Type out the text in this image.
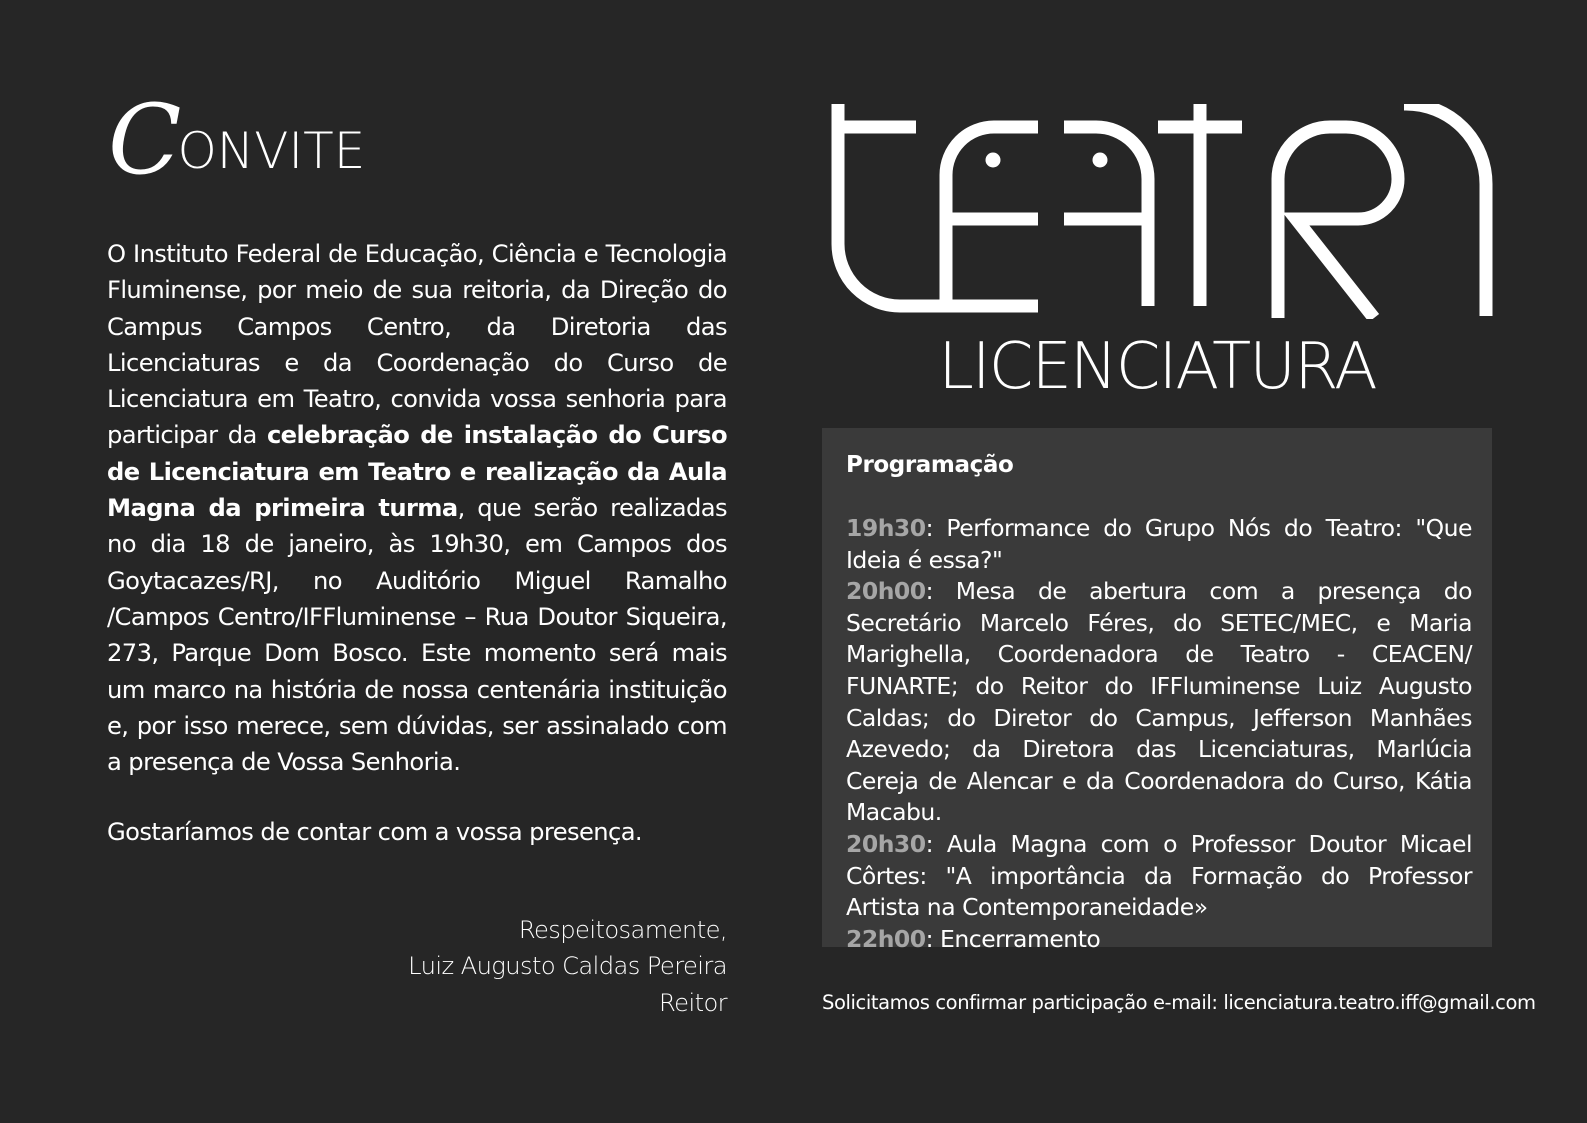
C ONVITE

O Instituto Federal de Educação, Ciência e Tecnologia Fluminense, por meio de sua reitoria, da Direção do Campus Campos Centro, da Diretoria das Licenciaturas e da Coordenação do Curso de Licenciatura em Teatro, convida vossa senhoria para participar da celebração de instalação do Curso de Licenciatura em Teatro e realização da Aula Magna da primeira turma, que serão realizadas no dia 18 de janeiro, às 19h30, em Campos dos Goytacazes/RJ, no Auditório Miguel Ramalho /Campos Centro/IFFluminense – Rua Doutor Siqueira, 273, Parque Dom Bosco. Este momento será mais um marco na história de nossa centenária instituição e, por isso merece, sem dúvidas, ser assinalado com a presença de Vossa Senhoria.

Gostaríamos de contar com a vossa presença.
Respeitosamente,
Luiz Augusto Caldas Pereira
Reitor
LICENCIATURA
Programação
19h30: Performance do Grupo Nós do Teatro: "Que Ideia é essa?"
20h00: Mesa de abertura com a presença do Secretário Marcelo Féres, do SETEC/MEC, e Maria Marighella, Coordenadora de Teatro - CEACEN/ FUNARTE; do Reitor do IFFluminense Luiz Augusto Caldas; do Diretor do Campus, Jefferson Manhães Azevedo; da Diretora das Licenciaturas, Marlúcia Cereja de Alencar e da Coordenadora do Curso, Kátia Macabu.
20h30: Aula Magna com o Professor Doutor Micael Côrtes: "A importância da Formação do Professor Artista na Contemporaneidade»
22h00: Encerramento
Solicitamos confirmar participação e-mail: licenciatura.teatro.iff@gmail.com
